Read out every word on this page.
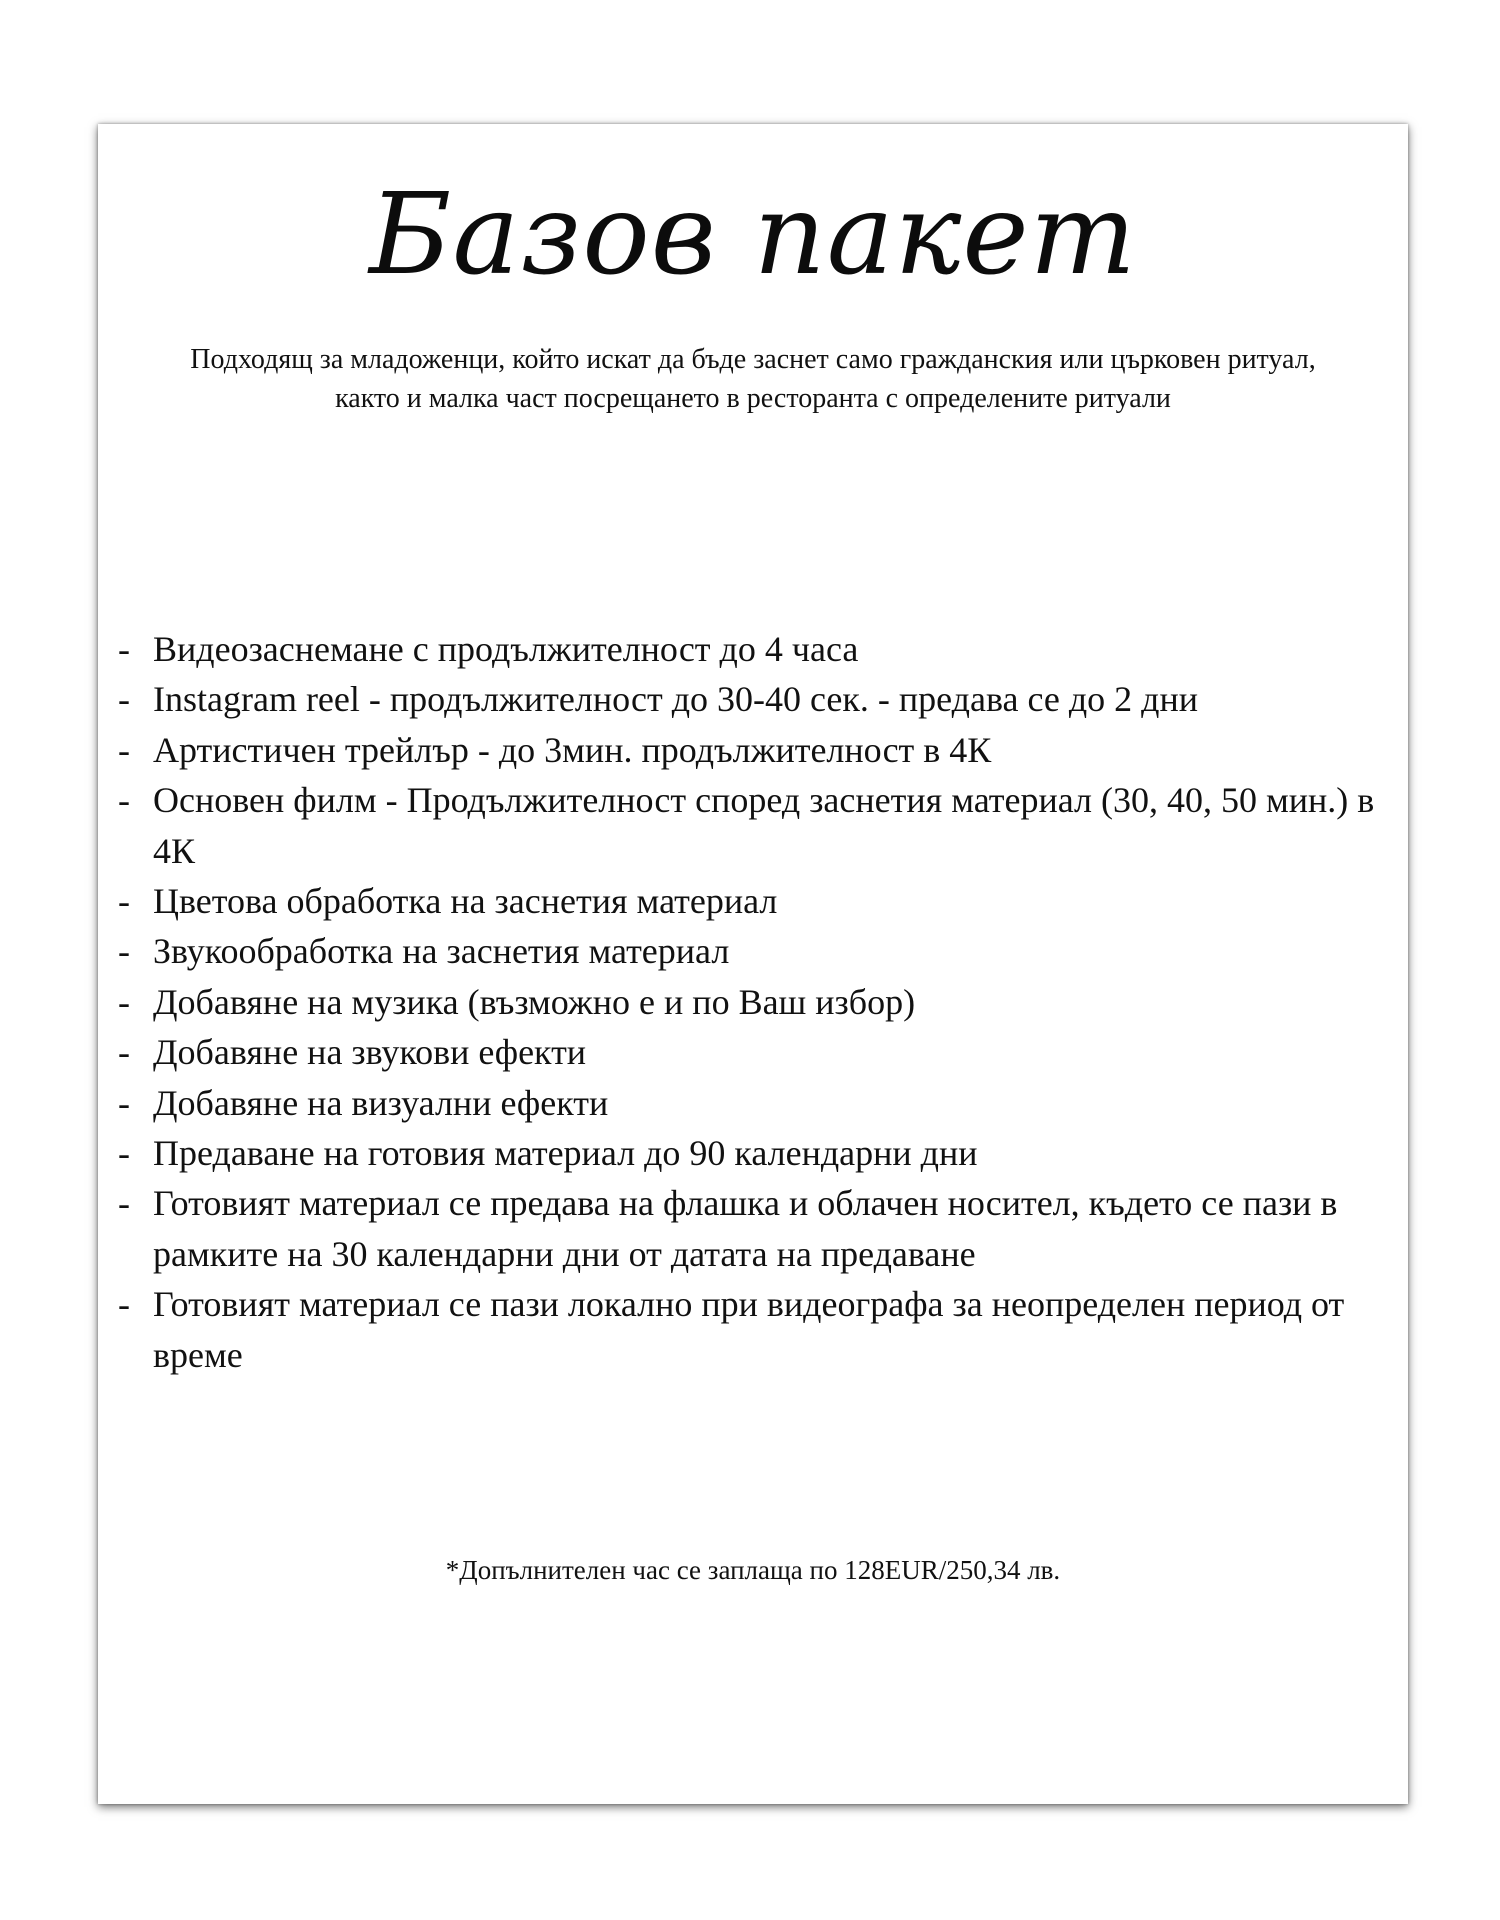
Базов пакет

Подходящ за младоженци, който искат да бъде заснет само гражданския или църковен ритуал, както и малка част посрещането в ресторанта с определените ритуали

- Видеозаснемане с продължителност до 4 часа
- Instagram reel - продължителност до 30-40 сек. - предава се до 2 дни
- Артистичен трейлър - до 3мин. продължителност в 4К
- Основен филм - Продължителност според заснетия материал (30, 40, 50 мин.) в 4К
- Цветова обработка на заснетия материал
- Звукообработка на заснетия материал
- Добавяне на музика (възможно е и по Ваш избор)
- Добавяне на звукови ефекти
- Добавяне на визуални ефекти
- Предаване на готовия материал до 90 календарни дни
- Готовият материал се предава на флашка и облачен носител, където се пази в рамките на 30 календарни дни от датата на предаване
- Готовият материал се пази локално при видеографа за неопределен период от време

*Допълнителен час се заплаща по 128EUR/250,34 лв.
